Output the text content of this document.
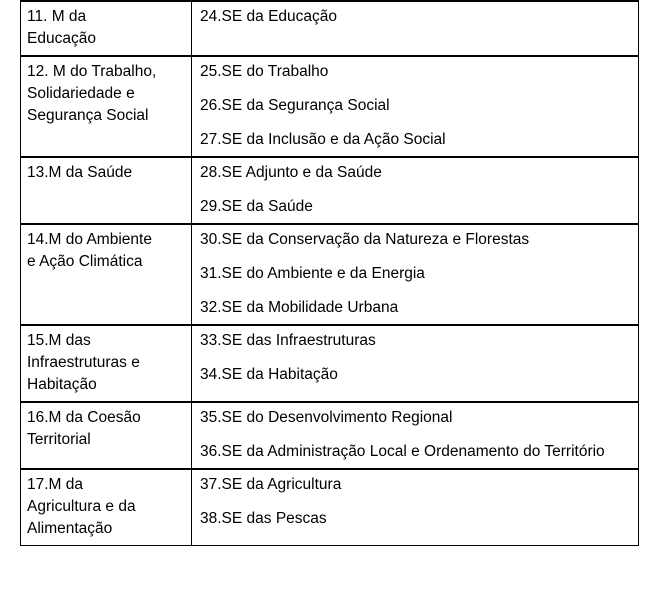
11. M da
Educação	24.SE da Educação

12. M do Trabalho,
Solidariedade e
Segurança Social	25.SE do Trabalho
26.SE da Segurança Social
27.SE da Inclusão e da Ação Social

13.M da Saúde	28.SE Adjunto e da Saúde
29.SE da Saúde

14.M do Ambiente
e Ação Climática	30.SE da Conservação da Natureza e Florestas
31.SE do Ambiente e da Energia
32.SE da Mobilidade Urbana

15.M das
Infraestruturas e
Habitação	33.SE das Infraestruturas
34.SE da Habitação

16.M da Coesão
Territorial	35.SE do Desenvolvimento Regional
36.SE da Administração Local e Ordenamento do Território

17.M da
Agricultura e da
Alimentação	37.SE da Agricultura
38.SE das Pescas
